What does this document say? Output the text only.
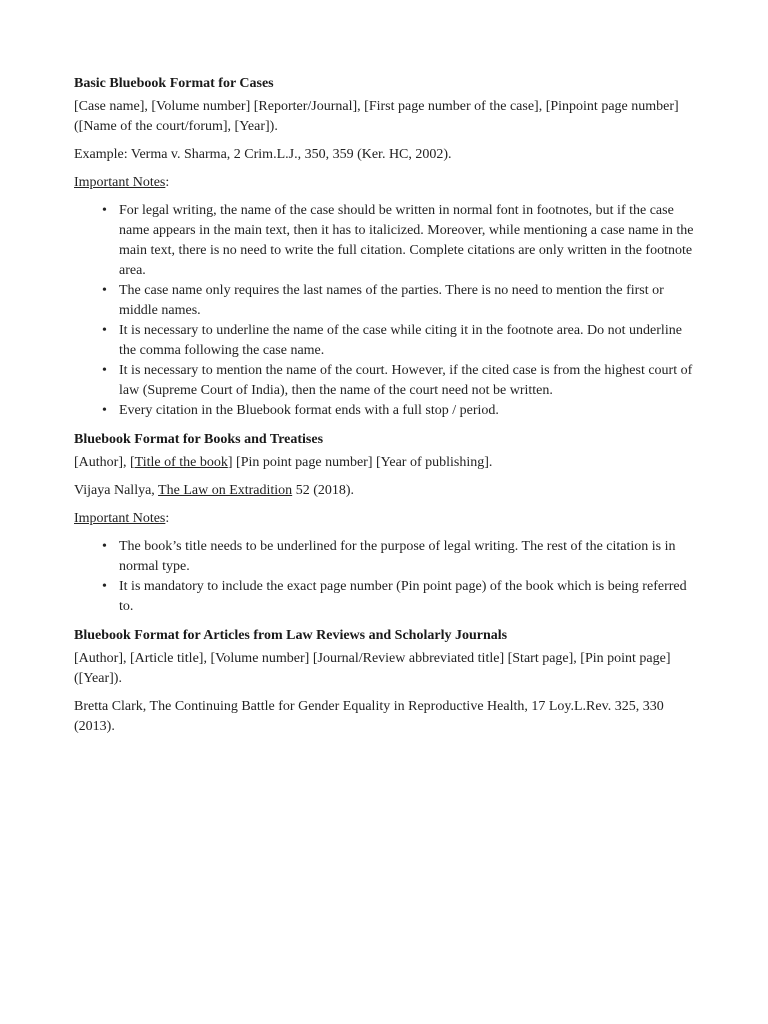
Basic Bluebook Format for Cases

[Case name], [Volume number] [Reporter/Journal], [First page number of the case], [Pinpoint page number] ([Name of the court/forum], [Year]).

Example: Verma v. Sharma, 2 Crim.L.J., 350, 359 (Ker. HC, 2002).

Important Notes:

• For legal writing, the name of the case should be written in normal font in footnotes, but if the case name appears in the main text, then it has to italicized. Moreover, while mentioning a case name in the main text, there is no need to write the full citation. Complete citations are only written in the footnote area.
• The case name only requires the last names of the parties. There is no need to mention the first or middle names.
• It is necessary to underline the name of the case while citing it in the footnote area. Do not underline the comma following the case name.
• It is necessary to mention the name of the court. However, if the cited case is from the highest court of law (Supreme Court of India), then the name of the court need not be written.
• Every citation in the Bluebook format ends with a full stop / period.
Bluebook Format for Books and Treatises

[Author], [Title of the book] [Pin point page number] [Year of publishing].

Vijaya Nallya, The Law on Extradition 52 (2018).

Important Notes:

• The book’s title needs to be underlined for the purpose of legal writing. The rest of the citation is in normal type.
• It is mandatory to include the exact page number (Pin point page) of the book which is being referred to.
Bluebook Format for Articles from Law Reviews and Scholarly Journals

[Author], [Article title], [Volume number] [Journal/Review abbreviated title] [Start page], [Pin point page] ([Year]).

Bretta Clark, The Continuing Battle for Gender Equality in Reproductive Health, 17 Loy.L.Rev. 325, 330 (2013).
